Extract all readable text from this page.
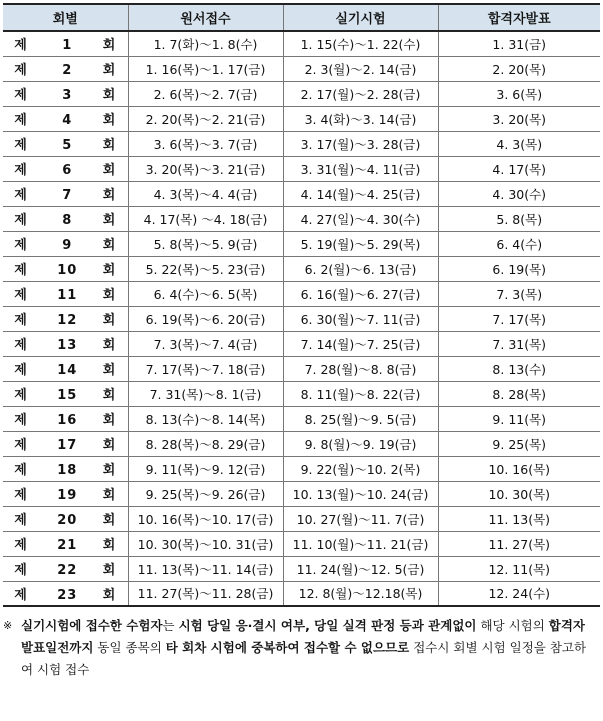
회별	원서접수	실기시험	합격자발표
제 1 회	1. 7(화)～1. 8(수)	1. 15(수)～1. 22(수)	1. 31(금)
제 2 회	1. 16(목)～1. 17(금)	2. 3(월)～2. 14(금)	2. 20(목)
제 3 회	2. 6(목)～2. 7(금)	2. 17(월)～2. 28(금)	3. 6(목)
제 4 회	2. 20(목)～2. 21(금)	3. 4(화)～3. 14(금)	3. 20(목)
제 5 회	3. 6(목)～3. 7(금)	3. 17(월)～3. 28(금)	4. 3(목)
제 6 회	3. 20(목)～3. 21(금)	3. 31(월)～4. 11(금)	4. 17(목)
제 7 회	4. 3(목)～4. 4(금)	4. 14(월)～4. 25(금)	4. 30(수)
제 8 회	4. 17(목) ～4. 18(금)	4. 27(일)～4. 30(수)	5. 8(목)
제 9 회	5. 8(목)～5. 9(금)	5. 19(월)～5. 29(목)	6. 4(수)
제 10 회	5. 22(목)～5. 23(금)	6. 2(월)～6. 13(금)	6. 19(목)
제 11 회	6. 4(수)～6. 5(목)	6. 16(월)～6. 27(금)	7. 3(목)
제 12 회	6. 19(목)～6. 20(금)	6. 30(월)～7. 11(금)	7. 17(목)
제 13 회	7. 3(목)～7. 4(금)	7. 14(월)～7. 25(금)	7. 31(목)
제 14 회	7. 17(목)～7. 18(금)	7. 28(월)～8. 8(금)	8. 13(수)
제 15 회	7. 31(목)～8. 1(금)	8. 11(월)～8. 22(금)	8. 28(목)
제 16 회	8. 13(수)～8. 14(목)	8. 25(월)～9. 5(금)	9. 11(목)
제 17 회	8. 28(목)～8. 29(금)	9. 8(월)～9. 19(금)	9. 25(목)
제 18 회	9. 11(목)～9. 12(금)	9. 22(월)～10. 2(목)	10. 16(목)
제 19 회	9. 25(목)～9. 26(금)	10. 13(월)～10. 24(금)	10. 30(목)
제 20 회	10. 16(목)～10. 17(금)	10. 27(월)～11. 7(금)	11. 13(목)
제 21 회	10. 30(목)～10. 31(금)	11. 10(월)～11. 21(금)	11. 27(목)
제 22 회	11. 13(목)～11. 14(금)	11. 24(월)～12. 5(금)	12. 11(목)
제 23 회	11. 27(목)～11. 28(금)	12. 8(월)～12.18(목)	12. 24(수)
※ 실기시험에 접수한 수험자는 시험 당일 응·결시 여부, 당일 실격 판정 등과 관계없이 해당 시험의 합격자 발표일전까지 동일 종목의 타 회차 시험에 중복하여 접수할 수 없으므로 접수시 회별 시험 일정을 참고하여 시험 접수
